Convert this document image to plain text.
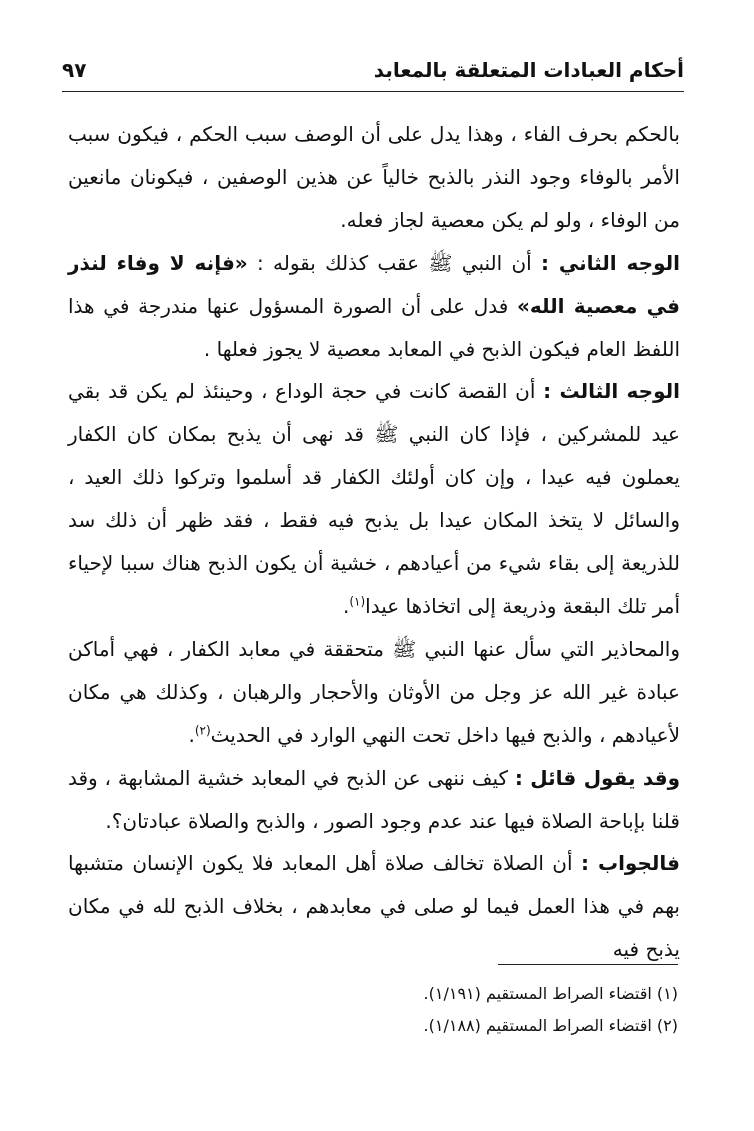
أحكام العبادات المتعلقة بالمعابد
٩٧

بالحكم بحرف الفاء ، وهذا يدل على أن الوصف سبب الحكم ، فيكون سبب الأمر بالوفاء وجود النذر بالذبح خالياً عن هذين الوصفين ، فيكونان مانعين من الوفاء ، ولو لم يكن معصية لجاز فعله.

الوجه الثاني : أن النبي ﷺ عقب كذلك بقوله : «فإنه لا وفاء لنذر في معصية الله» فدل على أن الصورة المسؤول عنها مندرجة في هذا اللفظ العام فيكون الذبح في المعابد معصية لا يجوز فعلها .

الوجه الثالث : أن القصة كانت في حجة الوداع ، وحينئذ لم يكن قد بقي عيد للمشركين ، فإذا كان النبي ﷺ قد نهى أن يذبح بمكان كان الكفار يعملون فيه عيدا ، وإن كان أولئك الكفار قد أسلموا وتركوا ذلك العيد ، والسائل لا يتخذ المكان عيدا بل يذبح فيه فقط ، فقد ظهر أن ذلك سد للذريعة إلى بقاء شيء من أعيادهم ، خشية أن يكون الذبح هناك سببا لإحياء أمر تلك البقعة وذريعة إلى اتخاذها عيدا$^{(١)}$.

والمحاذير التي سأل عنها النبي ﷺ متحققة في معابد الكفار ، فهي أماكن عبادة غير الله عز وجل من الأوثان والأحجار والرهبان ، وكذلك هي مكان لأعيادهم ، والذبح فيها داخل تحت النهي الوارد في الحديث$^{(٢)}$.

وقد يقول قائل : كيف ننهى عن الذبح في المعابد خشية المشابهة ، وقد قلنا بإباحة الصلاة فيها عند عدم وجود الصور ، والذبح والصلاة عبادتان؟.

فالجواب : أن الصلاة تخالف صلاة أهل المعابد فلا يكون الإنسان متشبها بهم في هذا العمل فيما لو صلى في معابدهم ، بخلاف الذبح لله في مكان يذبح فيه

(١) اقتضاء الصراط المستقيم (١/١٩١).

(٢) اقتضاء الصراط المستقيم (١/١٨٨).
